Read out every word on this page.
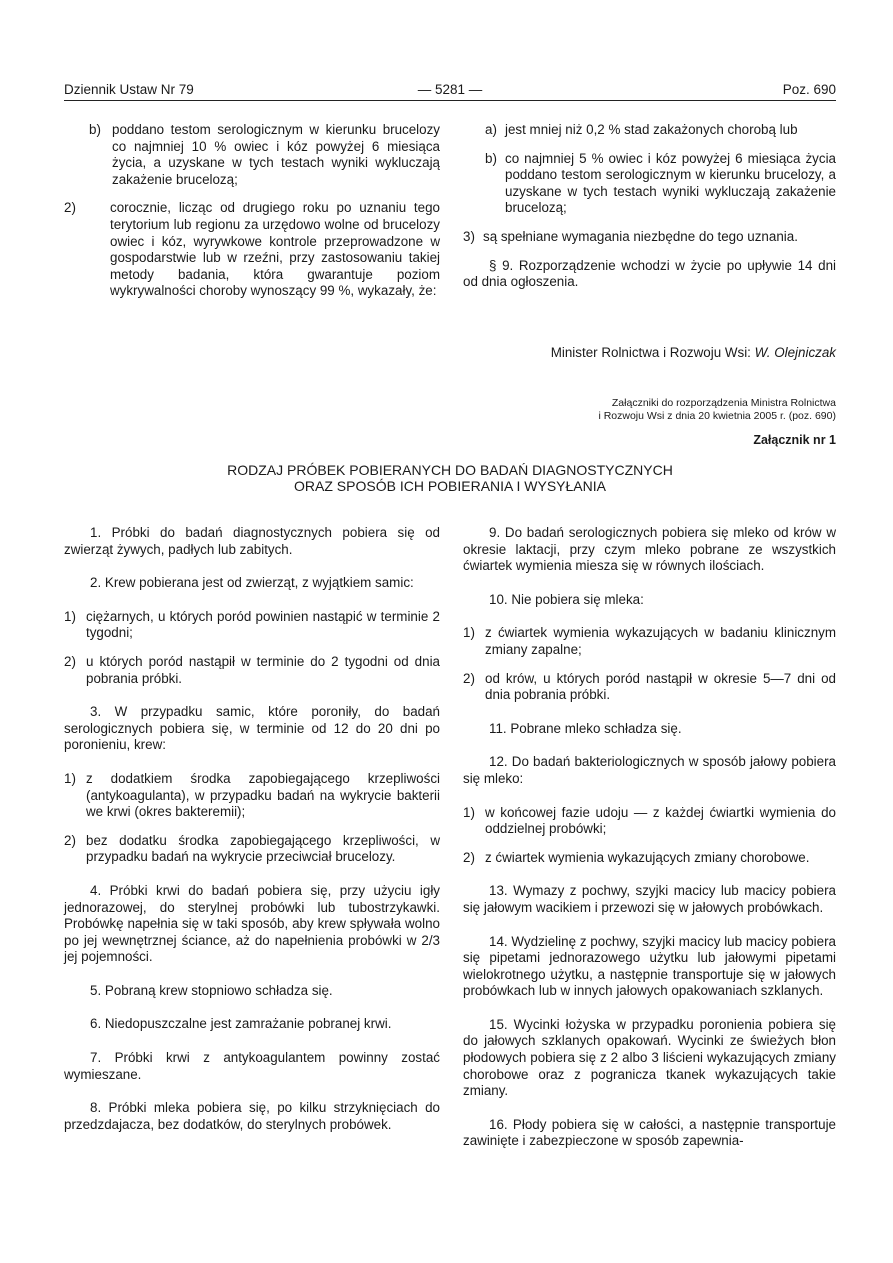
Dziennik Ustaw Nr 79	— 5281 —	Poz. 690
b) poddano testom serologicznym w kierunku brucelozy co najmniej 10 % owiec i kóz powyżej 6 miesiąca życia, a uzyskane w tych testach wyniki wykluczają zakażenie brucelozą;
2)	corocznie, licząc od drugiego roku po uznaniu tego terytorium lub regionu za urzędowo wolne od brucelozy owiec i kóz, wyrywkowe kontrole przeprowadzone w gospodarstwie lub w rzeźni, przy zastosowaniu takiej metody badania, która gwarantuje poziom wykrywalności choroby wynoszący 99 %, wykazały, że:
a) jest mniej niż 0,2 % stad zakażonych chorobą lub
b) co najmniej 5 % owiec i kóz powyżej 6 miesiąca życia poddano testom serologicznym w kierunku brucelozy, a uzyskane w tych testach wyniki wykluczają zakażenie brucelozą;
3) są spełniane wymagania niezbędne do tego uznania.

§ 9. Rozporządzenie wchodzi w życie po upływie 14 dni od dnia ogłoszenia.

Minister Rolnictwa i Rozwoju Wsi: W. Olejniczak
Załączniki do rozporządzenia Ministra Rolnictwa
i Rozwoju Wsi z dnia 20 kwietnia 2005 r. (poz. 690)
Załącznik nr 1
RODZAJ PRÓBEK POBIERANYCH DO BADAŃ DIAGNOSTYCZNYCH
ORAZ SPOSÓB ICH POBIERANIA I WYSYŁANIA

1. Próbki do badań diagnostycznych pobiera się od zwierząt żywych, padłych lub zabitych.

2. Krew pobierana jest od zwierząt, z wyjątkiem samic:

1) ciężarnych, u których poród powinien nastąpić w terminie 2 tygodni;
2) u których poród nastąpił w terminie do 2 tygodni od dnia pobrania próbki.

3. W przypadku samic, które poroniły, do badań serologicznych pobiera się, w terminie od 12 do 20 dni po poronieniu, krew:

1) z dodatkiem środka zapobiegającego krzepliwości (antykoagulanta), w przypadku badań na wykrycie bakterii we krwi (okres bakteremii);
2) bez dodatku środka zapobiegającego krzepliwości, w przypadku badań na wykrycie przeciwciał brucelozy.

4. Próbki krwi do badań pobiera się, przy użyciu igły jednorazowej, do sterylnej probówki lub tubostrzykawki. Probówkę napełnia się w taki sposób, aby krew spływała wolno po jej wewnętrznej ściance, aż do napełnienia probówki w 2/3 jej pojemności.

5. Pobraną krew stopniowo schładza się.

6. Niedopuszczalne jest zamrażanie pobranej krwi.

7. Próbki krwi z antykoagulantem powinny zostać wymieszane.

8. Próbki mleka pobiera się, po kilku strzyknięciach do przedzdajacza, bez dodatków, do sterylnych probówek.

9. Do badań serologicznych pobiera się mleko od krów w okresie laktacji, przy czym mleko pobrane ze wszystkich ćwiartek wymienia miesza się w równych ilościach.

10. Nie pobiera się mleka:

1) z ćwiartek wymienia wykazujących w badaniu klinicznym zmiany zapalne;
2) od krów, u których poród nastąpił w okresie 5—7 dni od dnia pobrania próbki.

11. Pobrane mleko schładza się.

12. Do badań bakteriologicznych w sposób jałowy pobiera się mleko:

1) w końcowej fazie udoju — z każdej ćwiartki wymienia do oddzielnej probówki;
2) z ćwiartek wymienia wykazujących zmiany chorobowe.

13. Wymazy z pochwy, szyjki macicy lub macicy pobiera się jałowym wacikiem i przewozi się w jałowych probówkach.

14. Wydzielinę z pochwy, szyjki macicy lub macicy pobiera się pipetami jednorazowego użytku lub jałowymi pipetami wielokrotnego użytku, a następnie transportuje się w jałowych probówkach lub w innych jałowych opakowaniach szklanych.

15. Wycinki łożyska w przypadku poronienia pobiera się do jałowych szklanych opakowań. Wycinki ze świeżych błon płodowych pobiera się z 2 albo 3 liścieni wykazujących zmiany chorobowe oraz z pogranicza tkanek wykazujących takie zmiany.

16. Płody pobiera się w całości, a następnie transportuje zawinięte i zabezpieczone w sposób zapewnia-
